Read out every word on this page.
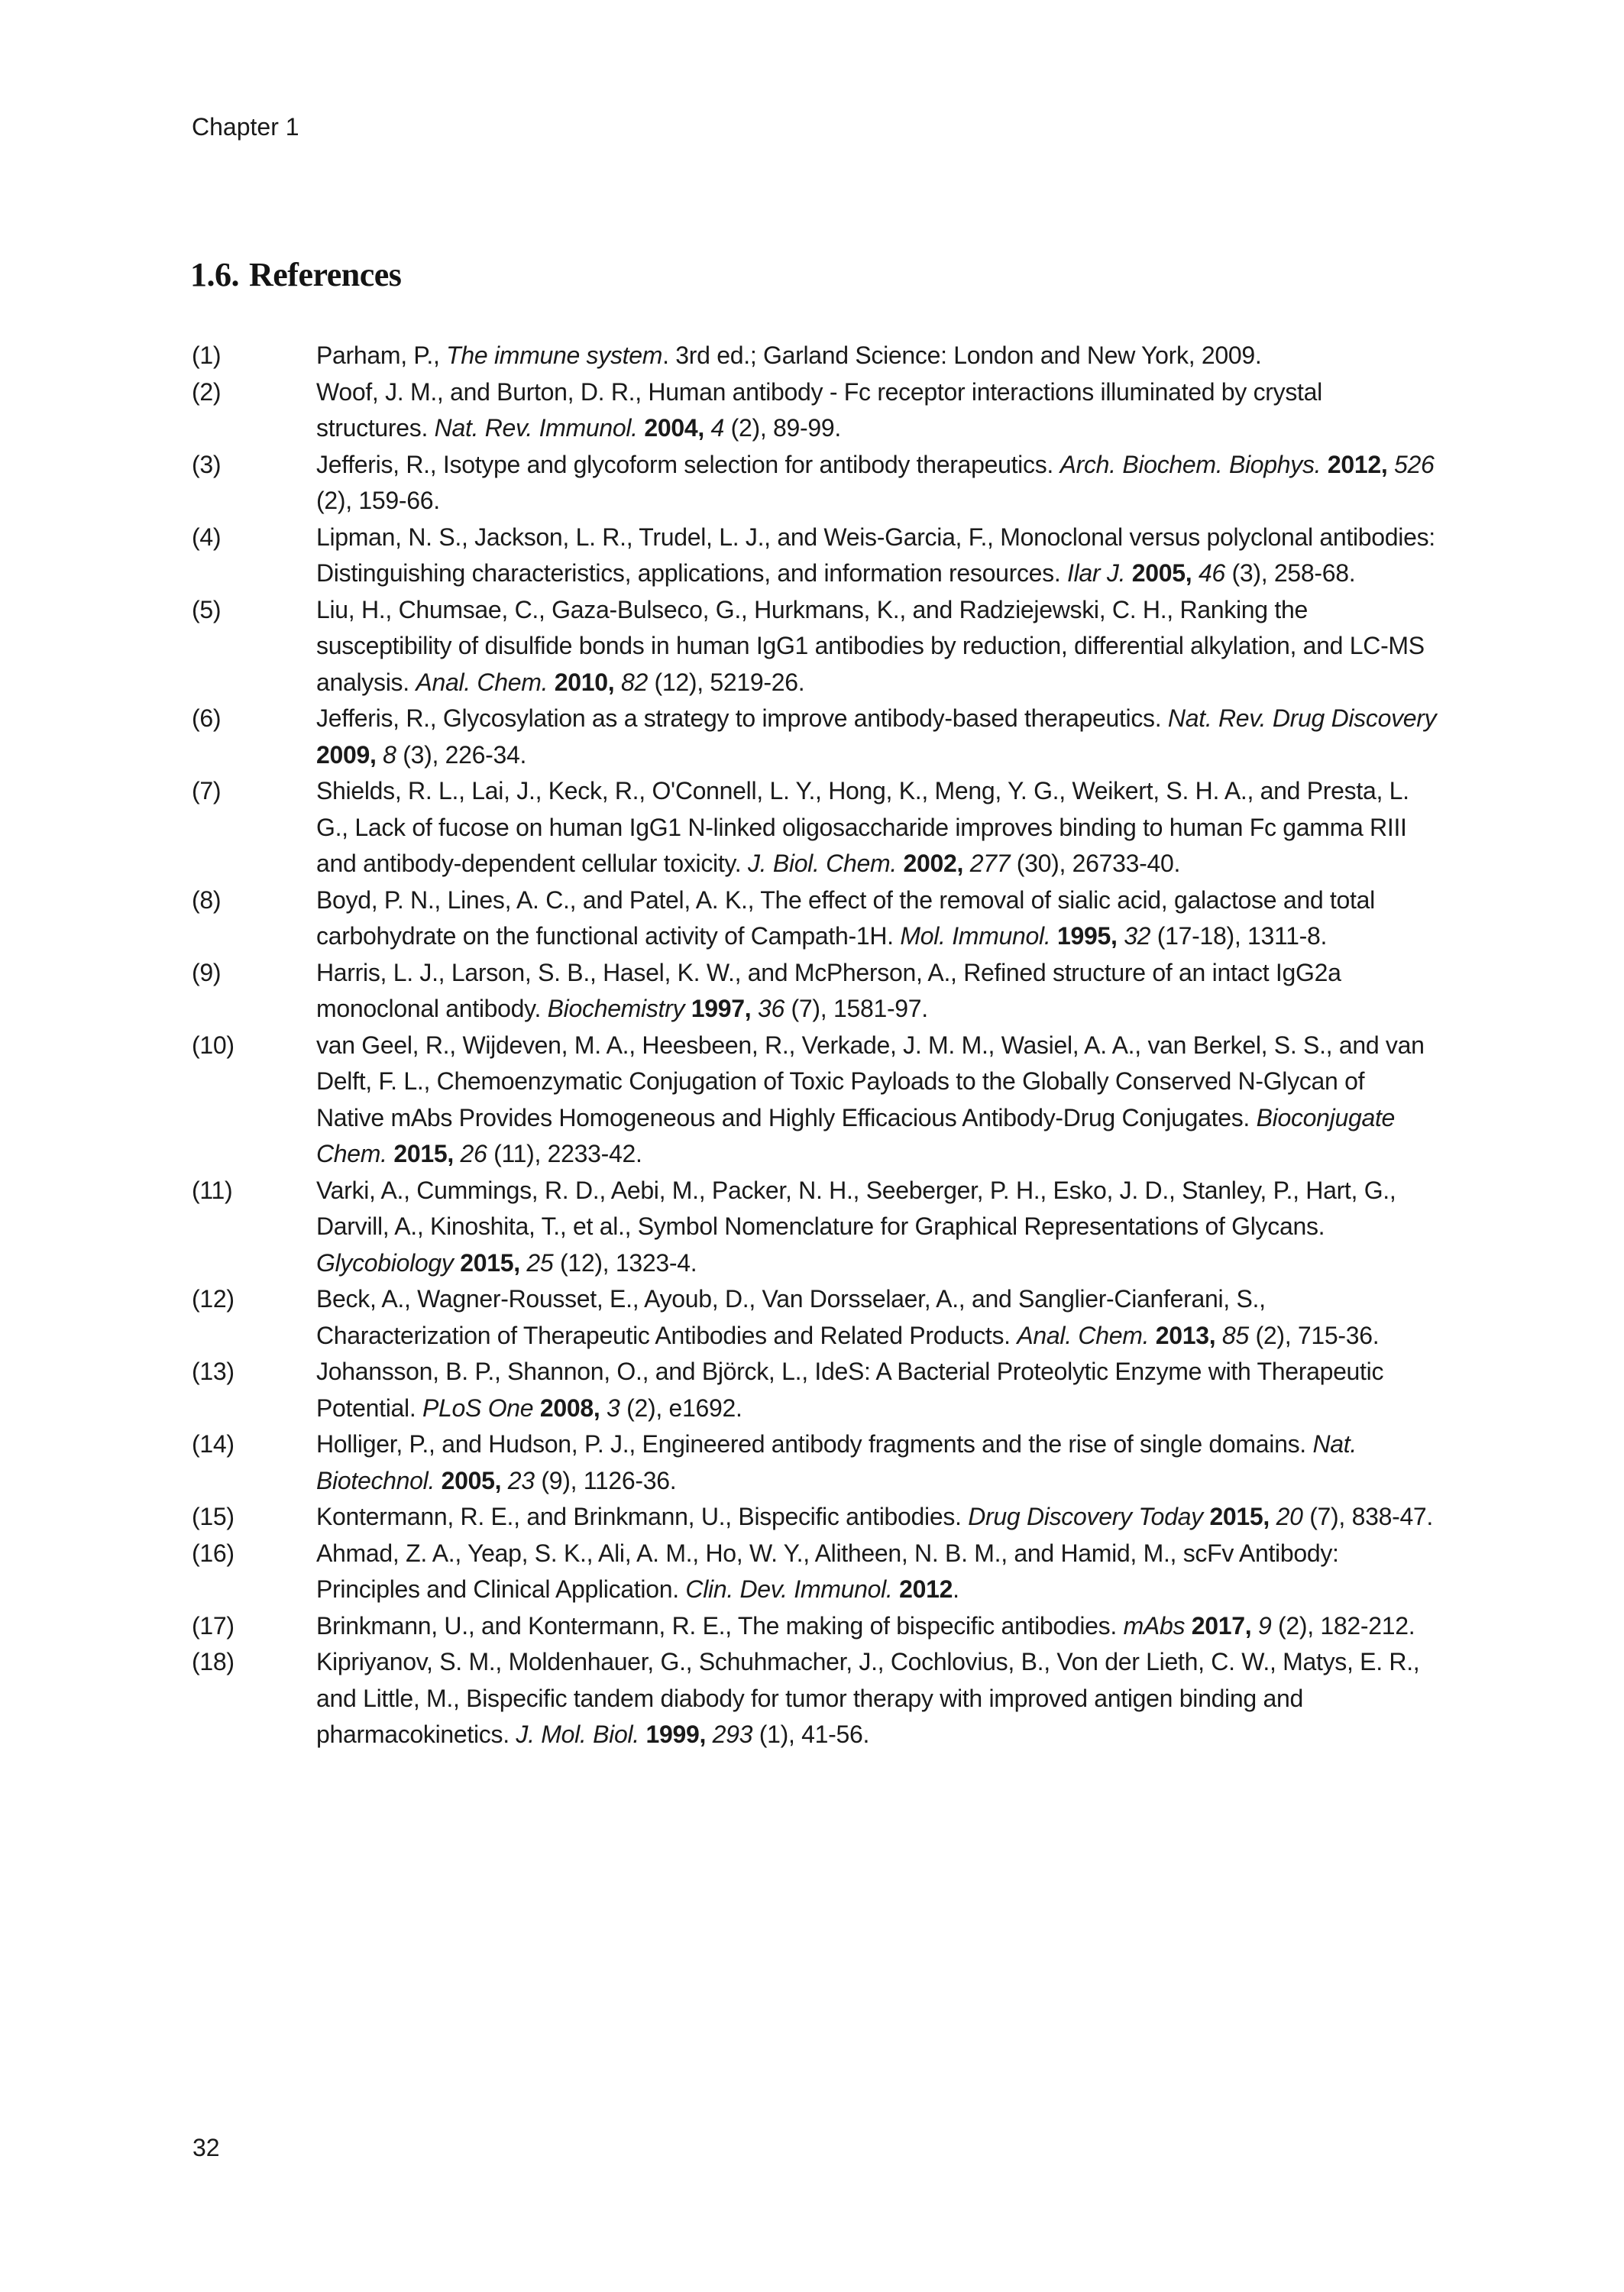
Chapter 1
1.6. References
(1)	Parham, P., The immune system. 3rd ed.; Garland Science: London and New York, 2009.
(2)	Woof, J. M., and Burton, D. R., Human antibody - Fc receptor interactions illuminated by crystal structures. Nat. Rev. Immunol. 2004, 4 (2), 89-99.
(3)	Jefferis, R., Isotype and glycoform selection for antibody therapeutics. Arch. Biochem. Biophys. 2012, 526 (2), 159-66.
(4)	Lipman, N. S., Jackson, L. R., Trudel, L. J., and Weis-Garcia, F., Monoclonal versus polyclonal antibodies: Distinguishing characteristics, applications, and information resources. Ilar J. 2005, 46 (3), 258-68.
(5)	Liu, H., Chumsae, C., Gaza-Bulseco, G., Hurkmans, K., and Radziejewski, C. H., Ranking the susceptibility of disulfide bonds in human IgG1 antibodies by reduction, differential alkylation, and LC-MS analysis. Anal. Chem. 2010, 82 (12), 5219-26.
(6)	Jefferis, R., Glycosylation as a strategy to improve antibody-based therapeutics. Nat. Rev. Drug Discovery 2009, 8 (3), 226-34.
(7)	Shields, R. L., Lai, J., Keck, R., O'Connell, L. Y., Hong, K., Meng, Y. G., Weikert, S. H. A., and Presta, L. G., Lack of fucose on human IgG1 N-linked oligosaccharide improves binding to human Fc gamma RIII and antibody-dependent cellular toxicity. J. Biol. Chem. 2002, 277 (30), 26733-40.
(8)	Boyd, P. N., Lines, A. C., and Patel, A. K., The effect of the removal of sialic acid, galactose and total carbohydrate on the functional activity of Campath-1H. Mol. Immunol. 1995, 32 (17-18), 1311-8.
(9)	Harris, L. J., Larson, S. B., Hasel, K. W., and McPherson, A., Refined structure of an intact IgG2a monoclonal antibody. Biochemistry 1997, 36 (7), 1581-97.
(10)	van Geel, R., Wijdeven, M. A., Heesbeen, R., Verkade, J. M. M., Wasiel, A. A., van Berkel, S. S., and van Delft, F. L., Chemoenzymatic Conjugation of Toxic Payloads to the Globally Conserved N-Glycan of Native mAbs Provides Homogeneous and Highly Efficacious Antibody-Drug Conjugates. Bioconjugate Chem. 2015, 26 (11), 2233-42.
(11)	Varki, A., Cummings, R. D., Aebi, M., Packer, N. H., Seeberger, P. H., Esko, J. D., Stanley, P., Hart, G., Darvill, A., Kinoshita, T., et al., Symbol Nomenclature for Graphical Representations of Glycans. Glycobiology 2015, 25 (12), 1323-4.
(12)	Beck, A., Wagner-Rousset, E., Ayoub, D., Van Dorsselaer, A., and Sanglier-Cianferani, S., Characterization of Therapeutic Antibodies and Related Products. Anal. Chem. 2013, 85 (2), 715-36.
(13)	Johansson, B. P., Shannon, O., and Björck, L., IdeS: A Bacterial Proteolytic Enzyme with Therapeutic Potential. PLoS One 2008, 3 (2), e1692.
(14)	Holliger, P., and Hudson, P. J., Engineered antibody fragments and the rise of single domains. Nat. Biotechnol. 2005, 23 (9), 1126-36.
(15)	Kontermann, R. E., and Brinkmann, U., Bispecific antibodies. Drug Discovery Today 2015, 20 (7), 838-47.
(16)	Ahmad, Z. A., Yeap, S. K., Ali, A. M., Ho, W. Y., Alitheen, N. B. M., and Hamid, M., scFv Antibody: Principles and Clinical Application. Clin. Dev. Immunol. 2012.
(17)	Brinkmann, U., and Kontermann, R. E., The making of bispecific antibodies. mAbs 2017, 9 (2), 182-212.
(18)	Kipriyanov, S. M., Moldenhauer, G., Schuhmacher, J., Cochlovius, B., Von der Lieth, C. W., Matys, E. R., and Little, M., Bispecific tandem diabody for tumor therapy with improved antigen binding and pharmacokinetics. J. Mol. Biol. 1999, 293 (1), 41-56.
32
